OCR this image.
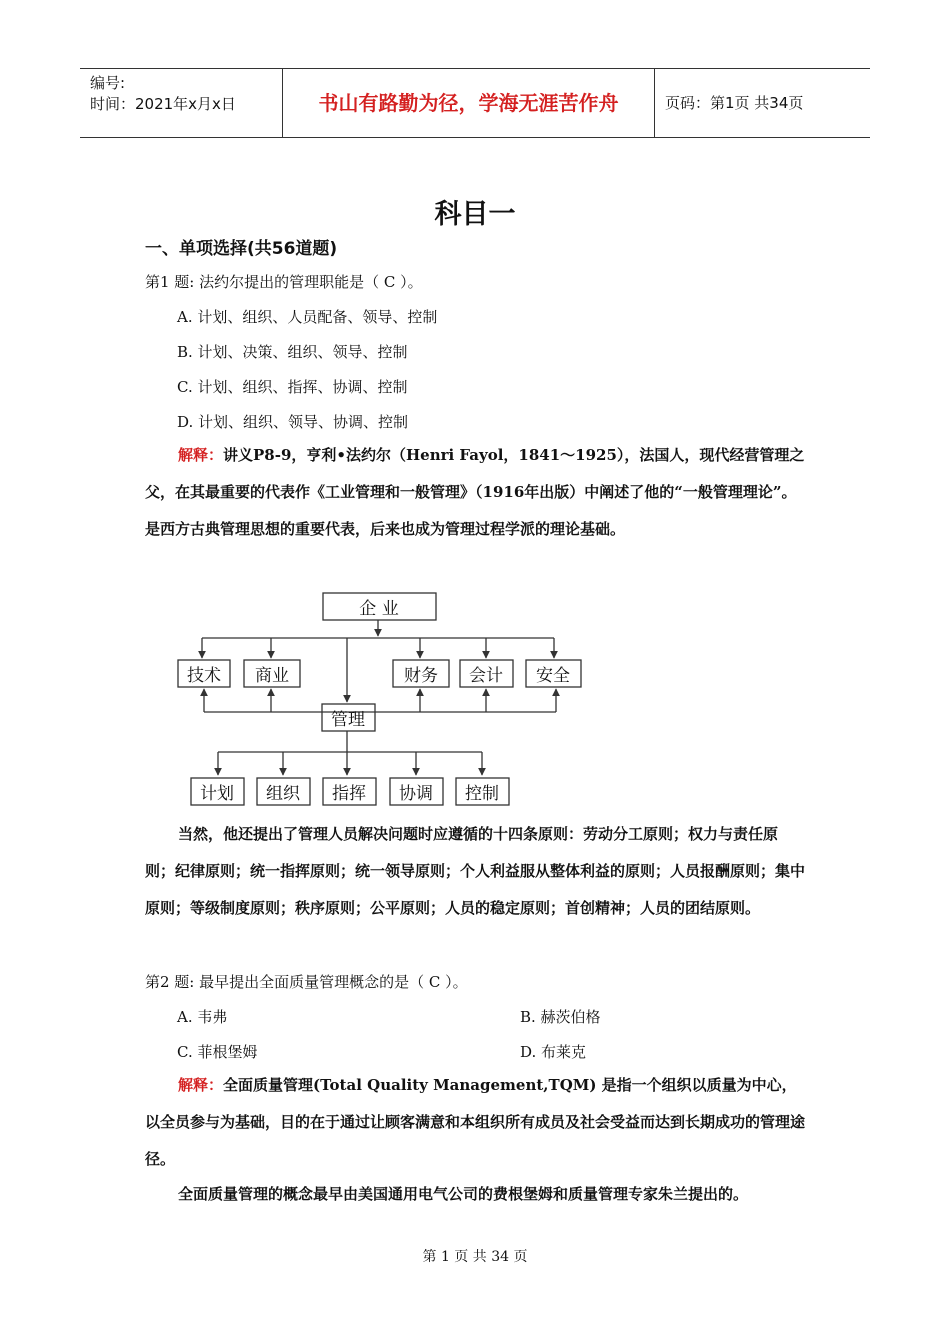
编号:
时间：2021年x月x日	书山有路勤为径，学海无涯苦作舟	页码：第1页 共34页
科目一
一、单项选择(共56道题)
第1 题: 法约尔提出的管理职能是（ C ）。
A. 计划、组织、人员配备、领导、控制
B. 计划、决策、组织、领导、控制
C. 计划、组织、指挥、协调、控制
D. 计划、组织、领导、协调、控制
解释：讲义P8-9，亨利•法约尔（Henri Fayol，1841～1925），法国人，现代经营管理之父，在其最重要的代表作《工业管理和一般管理》（1916年出版）中阐述了他的“一般管理理论”。是西方古典管理思想的重要代表，后来也成为管理过程学派的理论基础。
企 业
技术 商业	财务 会计 安全
管理
计划 组织 指挥 协调 控制
当然，他还提出了管理人员解决问题时应遵循的十四条原则：劳动分工原则；权力与责任原则；纪律原则；统一指挥原则；统一领导原则；个人利益服从整体利益的原则；人员报酬原则；集中原则；等级制度原则；秩序原则；公平原则；人员的稳定原则；首创精神；人员的团结原则。
第2 题: 最早提出全面质量管理概念的是（ C ）。
A. 韦弗	B. 赫茨伯格
C. 菲根堡姆	D. 布莱克
解释：全面质量管理(Total Quality Management,TQM) 是指一个组织以质量为中心，以全员参与为基础，目的在于通过让顾客满意和本组织所有成员及社会受益而达到长期成功的管理途径。
全面质量管理的概念最早由美国通用电气公司的费根堡姆和质量管理专家朱兰提出的。
第 1 页 共 34 页
